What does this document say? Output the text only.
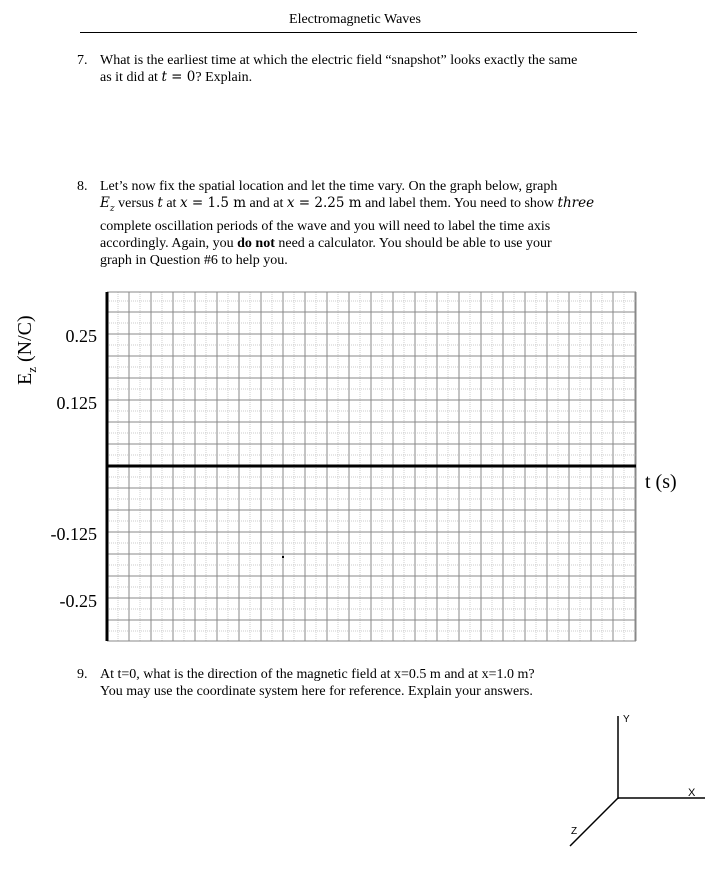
Electromagnetic Waves
7. What is the earliest time at which the electric field “snapshot” looks exactly the same
as it did at t = 0? Explain.
8. Let’s now fix the spatial location and let the time vary. On the graph below, graph
$E_z$ versus t at x = 1.5 m and at x = 2.25 m and label them. You need to show three
complete oscillation periods of the wave and you will need to label the time axis
accordingly. Again, you do not need a calculator. You should be able to use your
graph in Question #6 to help you.
0.25
0.125
-0.125
-0.25
$E_z$ (N/C)
t (s)
9. At t=0, what is the direction of the magnetic field at x=0.5 m and at x=1.0 m?
You may use the coordinate system here for reference. Explain your answers.
Y
X
Z
